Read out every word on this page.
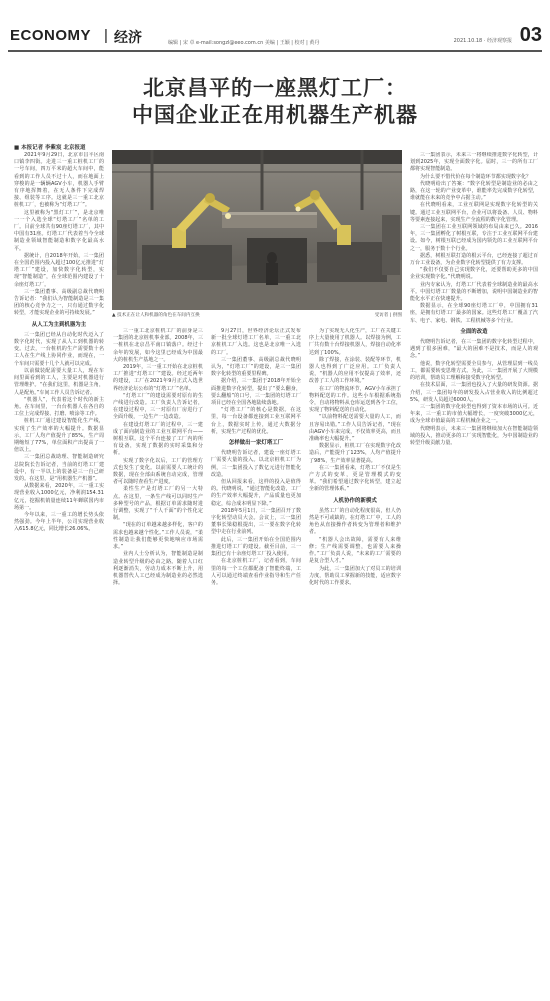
ECONOMY | 经济	编辑 | 宋 卓 e-mail:songzl@eeo.com.cn 美编 | 王颖 | 校对 | 黄丹	2021.10.18 · 经济观察报 03
北京昌平的一座黑灯工厂：
中国企业正在用机器生产机器
■ 本报记者 李紫宸 北京报道
▲ 技术正在让人和机器的角色在车间内互换	受访者 | 供图

2021年9月29日，北京市昌平区南口镇李四街。走进三一重工桩机工厂的一号车间，四万平米的超大车间中，能看到的工作人员不过十人，而在地面上穿梭的是一辆辆AGV小车，机器人手臂有序地挥舞着，在无人条件下完成焊接、组装等工序。这就是三一重工北京桩机工厂，也被称为“灯塔工厂”。

这里被称为“黑灯工厂”，是北京唯一一个入选全球“灯塔工厂”名单的工厂。目前全球共有90座灯塔工厂，其中中国有31座。灯塔工厂代表着当今全球制造业领域智能制造和数字化最高水平。

据统计，自2018年开始，三一集团在全国范围内投入超过100亿元推进“灯塔工厂”建设，加快数字化转型，实现“智能制造”，在全球范围内建设了十余座灯塔工厂。

三一集团董事、高级副总裁代晓明告诉记者：“我们认为智能制造是三一集团的核心竞争力之一，只有通过数字化转型，才能实现企业的可持续发展。”

从人工为主到机器为主

三一集团已经从自动化时代迈入了数字化时代，实现了从人工到机器的转变。过去，一台桩机的生产需要数十名工人在生产线上协同作业，而现在，一个车间只需要十几个人就可以完成。

以前做装配需要大量工人，现在车间里面看到的工人，主要是对机器进行管理维护。“在我们这里，机器是主角，人是配角。”车间工作人员告诉记者。

“机器人”，代表着这个时代的新主角。在车间里，一台台机器人在各自的工位上完成焊接、打磨、喷涂等工作。

桩机工厂通过建设智能化生产线，实现了生产效率的大幅提升。数据显示，工厂人均产值提升了85%，生产周期缩短了77%，单位面积产出提高了一倍以上。

三一集团总裁助理、智能制造研究总院院长告诉记者，当前的灯塔工厂建设中，有一半以上的装备是三一自己研发的。在这里，是“用机器生产机器”。

从数据来看，2020年，三一重工实现营业收入1000亿元，净利润154.31亿元，挖掘机销量连续11年蝉联国内市场第一。

今年以来，三一重工的增长势头依然强劲。今年上半年，公司实现营业收入615.8亿元，同比增长26.06%。

三一重工北京桩机工厂的前身是三一集团的北京桩机事业部。2008年，三一桩机在北京昌平南口镇落户。经过十余年的发展，如今这里已经成为中国最大的桩机生产基地之一。

2019年，三一重工开始在北京桩机工厂推进“灯塔工厂”建设。经过近两年的建设，工厂在2021年9月正式入选世界经济论坛公布的“灯塔工厂”名单。

“灯塔工厂”的建设需要对原有的生产线进行改造。工厂负责人告诉记者，在建设过程中，三一对原有厂房进行了全面升级，一边生产一边改造。

在建设灯塔工厂的过程中，三一建成了面向制造业的工业互联网平台——树根互联。这个平台连接了工厂内的所有设备，实现了数据的实时采集和分析。

实现了数字化以后，工厂的管理方式也发生了变化。以前需要人工统计的数据，现在全部由系统自动完成，管理者可以随时查看生产进度。

柔性生产是灯塔工厂的另一大特点。在这里，一条生产线可以同时生产多种型号的产品，根据订单需求随时进行调整，实现了“千人千面”的个性化定制。

“现在的订单越来越多样化，客户的需求也越来越个性化。”工作人员说，“柔性制造让我们能够更快地响应市场需求。”

业内人士分析认为，智能制造是制造业转型升级的必由之路。随着人口红利逐渐消失，劳动力成本不断上升，用机器替代人工已经成为制造业的必然选择。

9月27日，世界经济论坛正式发布新一批全球灯塔工厂名单，三一重工北京桩机工厂入选。这也是北京唯一入选的工厂。

三一集团董事、高级副总裁代晓明认为，“灯塔工厂”的建设，是三一集团数字化转型的重要里程碑。

据介绍，三一集团于2018年开始全面推进数字化转型，提出了“要么翻身，要么翻船”的口号，三一集团的灯塔工厂项目已经在全国各地陆续落地。

“灯塔工厂”的核心是数据。在这里，每一台设备都连接到工业互联网平台上，数据实时上传，通过大数据分析，实现生产过程的优化。

怎样做出一家灯塔工厂

代晓明告诉记者，建设一座灯塔工厂需要大量的投入。以北京桩机工厂为例，三一集团投入了数亿元进行智能化改造。

但从回报来看，这样的投入是值得的。代晓明说，“通过智能化改造，工厂的生产效率大幅提升，产品质量也更加稳定，综合成本明显下降。”

2018年5月1日，三一集团召开了数字化转型动员大会。会议上，三一集团董事长梁稳根提出，三一要在数字化转型中走在行业前列。

此后，三一集团开始在全国范围内推进灯塔工厂的建设。截至目前，三一集团已有十余座灯塔工厂投入使用。

在北京桩机工厂，记者看到，车间里的每一个工位都配备了智能终端，工人可以通过终端查看作业指导和生产任务。

为了实现无人化生产，工厂在关键工序上大量使用了机器人。以焊接为例，工厂共有数十台焊接机器人，焊接自动化率达到了100%。

除了焊接，在涂装、装配等环节，机器人也得到了广泛应用。工厂负责人说，“机器人的应用不仅提高了效率，还改善了工人的工作环境。”

在工厂的物流环节，AGV小车承担了物料配送的工作。这些小车根据系统指令，自动将物料从仓库运送到各个工位，实现了物料配送的自动化。

“以前物料配送需要大量的人工，而且容易出错。”工作人员告诉记者，“现在由AGV小车来完成，不仅效率更高，而且准确率也大幅提升。”

数据显示，桩机工厂在实现数字化改造后，产能提升了123%，人均产值提升了98%，生产效率显著提高。

在三一集团看来，灯塔工厂不仅是生产方式的变革，更是管理模式的变革。“我们希望通过数字化转型，建立起全新的管理体系。”

人机协作的新模式

虽然工厂的自动化程度很高，但人仍然是不可或缺的。在灯塔工厂中，工人的角色从直接操作者转变为管理者和维护者。

“机器人会出故障，需要有人来维修；生产线需要调整，也需要人来操作。”工厂负责人说，“未来的工厂需要的是复合型人才。”

为此，三一集团加大了对员工的培训力度，帮助员工掌握新的技能，适应数字化时代的工作要求。

三一集团表示，未来三一将继续推进数字化转型，计划到2025年，实现全面数字化。届时，三一的所有工厂都将实现智能制造。

为什么要不惜代价在每个制造环节都实现数字化？

代晓明给出了答案：“数字化转型是制造业的必由之路，在这一轮的产业变革中，谁能率先完成数字化转型，谁就能在未来的竞争中占据主动。”

在代晓明看来，工业互联网是实现数字化转型的关键。通过工业互联网平台，企业可以将设备、人员、物料等要素连接起来，实现生产全流程的数字化管理。

三一集团在工业互联网领域的布局由来已久。2016年，三一集团孵化了树根互联，专注于工业互联网平台建设。如今，树根互联已经成为国内领先的工业互联网平台之一，服务于数十个行业。

据悉，树根互联打造的根云平台，已经连接了超过百万台工业设备，为企业数字化转型提供了有力支撑。

“我们不仅要自己实现数字化，还要帮助更多的中国企业实现数字化。”代晓明说。

业内专家认为，灯塔工厂代表着全球制造业的最高水平。中国灯塔工厂数量的不断增加，说明中国制造业的智能化水平正在快速提升。

数据显示，在全球90座灯塔工厂中，中国拥有31座，是拥有灯塔工厂最多的国家。这些灯塔工厂覆盖了汽车、电子、家电、钢铁、工程机械等多个行业。

全面的改造

代晓明告诉记者，在三一集团的数字化转型过程中，遇到了很多困难，“最大的困难不是技术，而是人的观念。”

他说，数字化转型需要全员参与，从管理层到一线员工，都需要转变思维方式。为此，三一集团开展了大规模的培训，帮助员工理解和接受数字化转型。

在技术层面，三一集团也投入了大量的研发资源。据介绍，三一集团每年的研发投入占营业收入的比例超过5%，研发人员超过6000人。

三一集团的数字化转型也得到了资本市场的认可。近年来，三一重工的市值大幅增长，一度突破3000亿元，成为全球市值最高的工程机械企业之一。

代晓明表示，未来三一集团将继续加大在智能制造领域的投入，推动更多的工厂实现智能化，为中国制造业的转型升级贡献力量。
